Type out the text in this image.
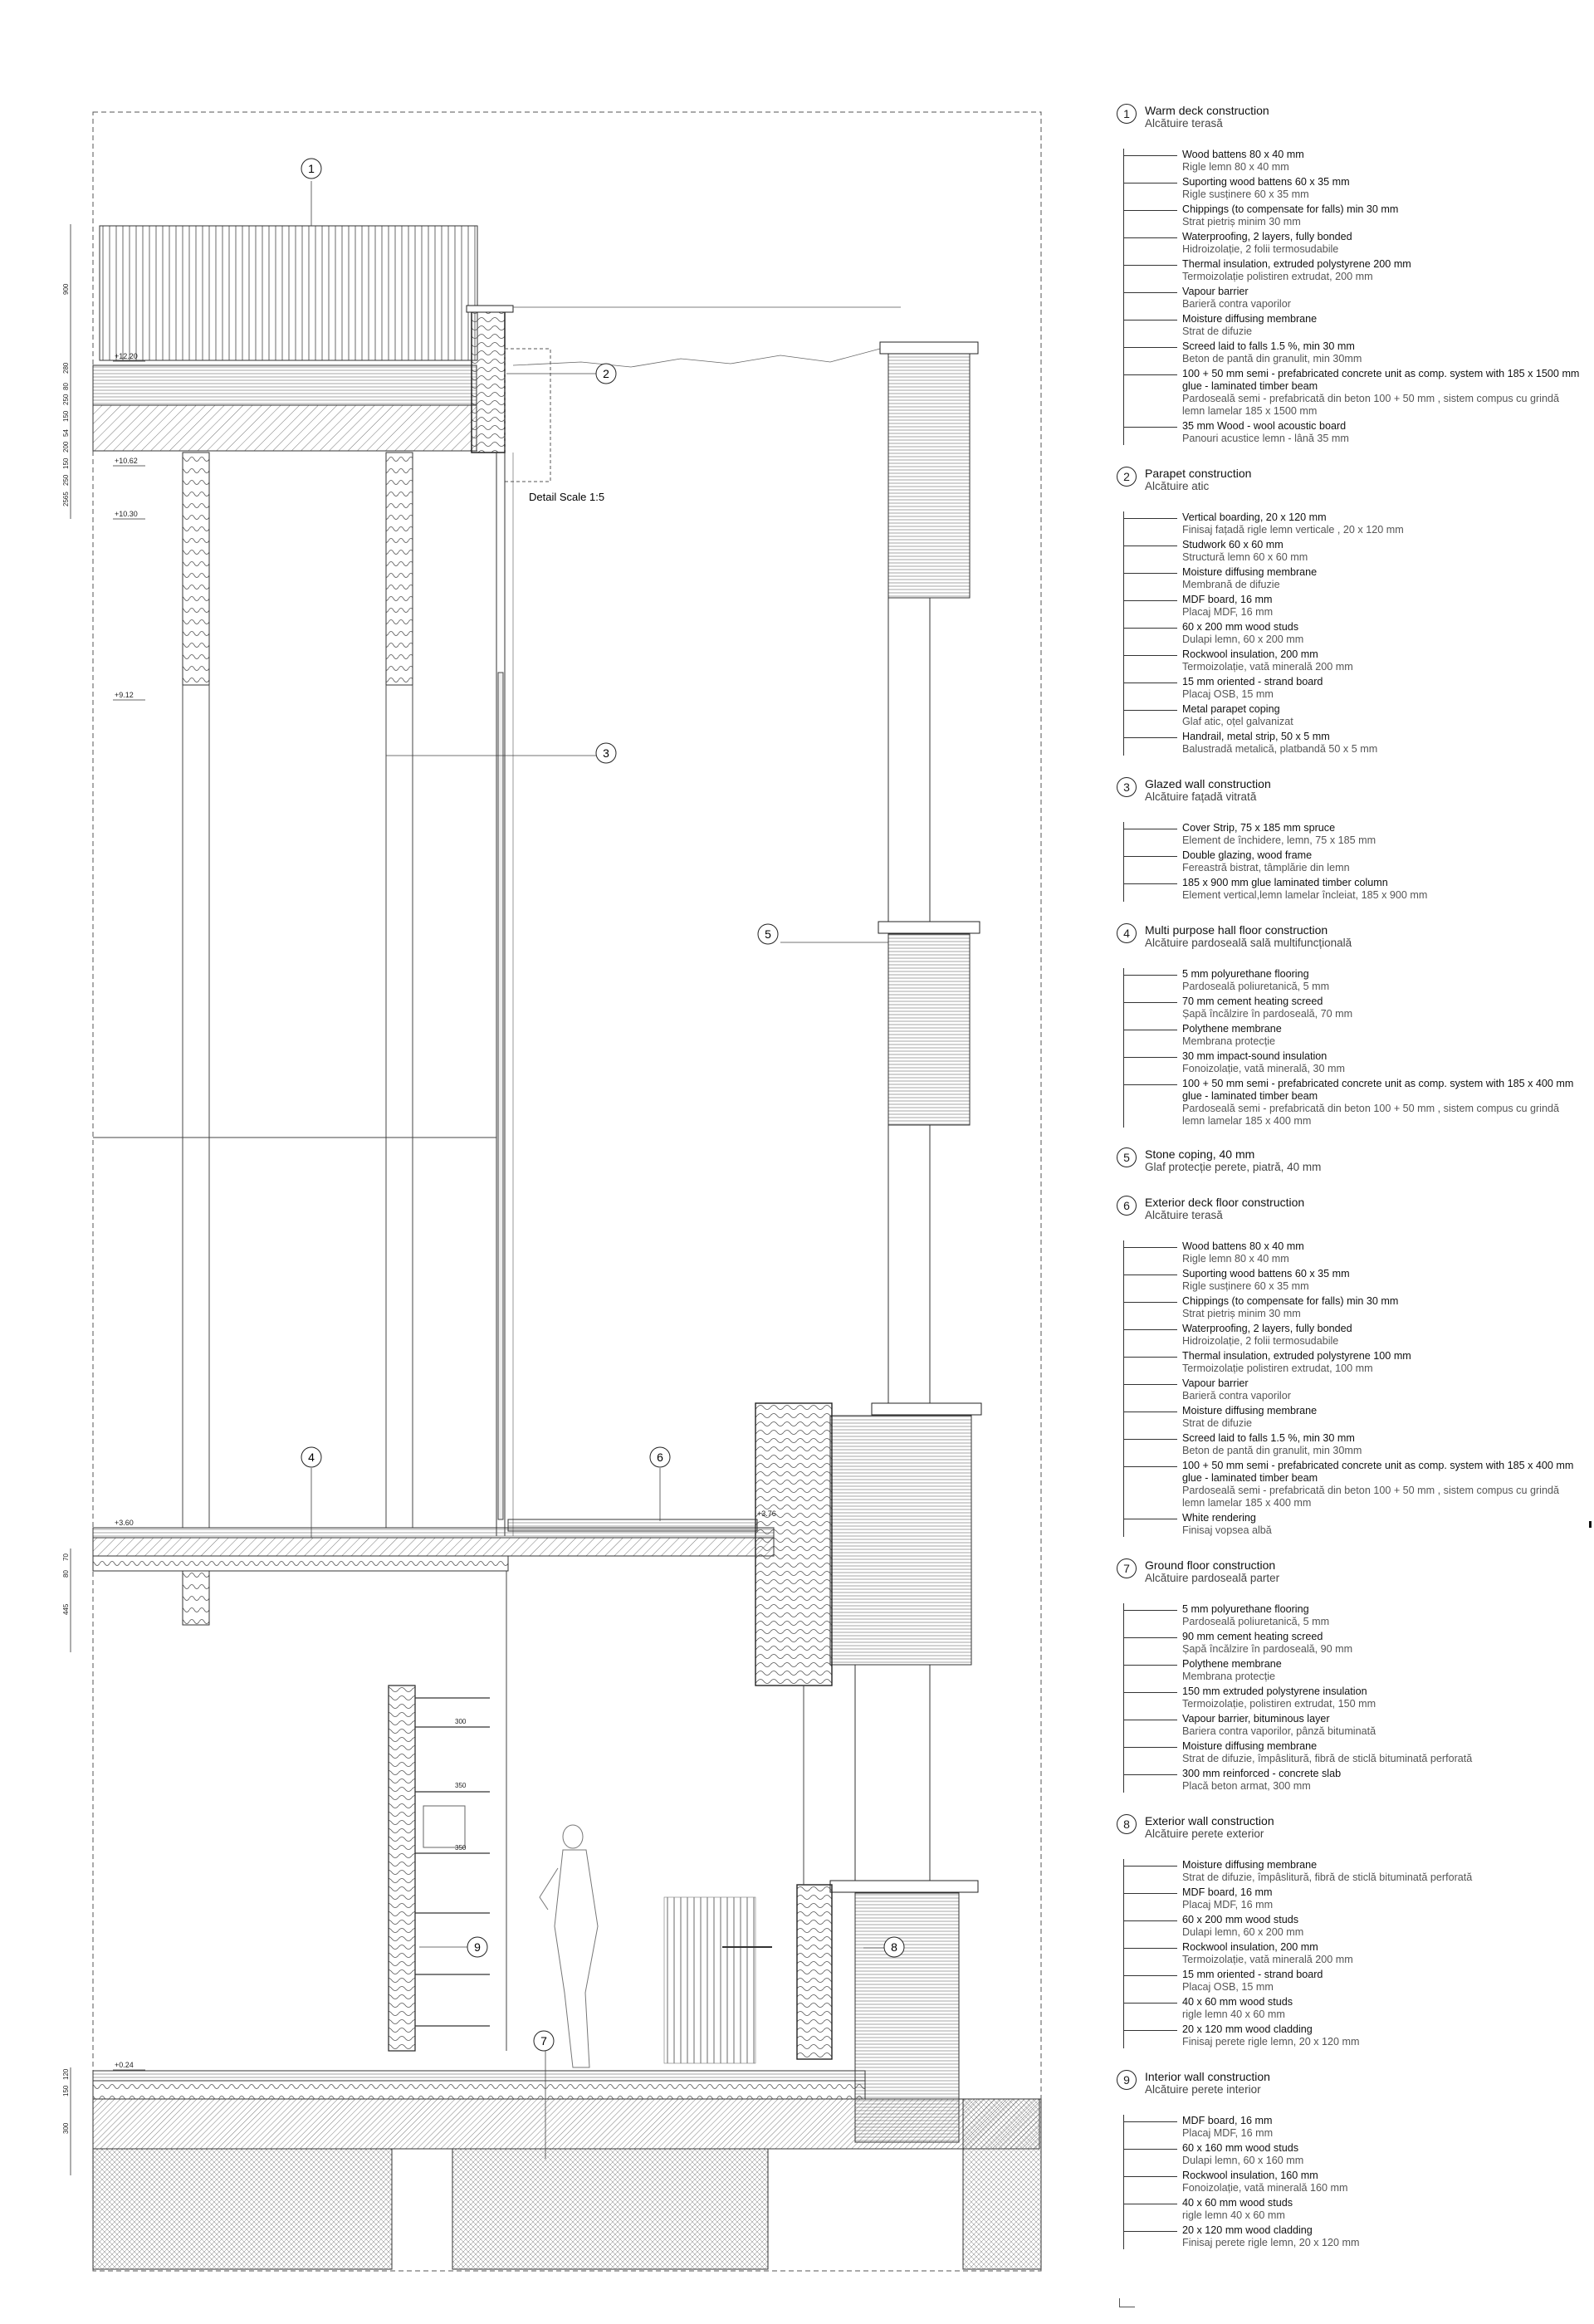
1
2
3
4
5
6
7
8
9
Detail Scale 1:5
+12.20
+10.62
+10.30
+9.12
+3.60
+3.76
+0.24
900
280
80
250
150
54
200
150
250
2565
70
80
445
120
150
300
300
350
350
1	Warm deck construction
Alcătuire terasă
Wood battens 80 x 40 mm
Rigle lemn 80 x 40 mm
Suporting wood battens 60 x 35 mm
Rigle susținere 60 x 35 mm
Chippings (to compensate for falls) min 30 mm
Strat pietriș minim 30 mm
Waterproofing, 2 layers, fully bonded
Hidroizolație, 2 folii termosudabile
Thermal insulation, extruded polystyrene 200 mm
Termoizolație polistiren extrudat, 200 mm
Vapour barrier
Barieră contra vaporilor
Moisture diffusing membrane
Strat de difuzie
Screed laid to falls 1.5 %, min 30 mm
Beton de pantă din granulit, min 30mm
100 + 50 mm semi - prefabricated concrete unit as comp. system with 185 x 1500 mm glue - laminated timber beam
Pardoseală semi - prefabricată din beton 100 + 50 mm , sistem compus cu grindă lemn lamelar 185 x 1500 mm
35 mm Wood - wool acoustic board
Panouri acustice lemn - lână 35 mm
2	Parapet construction
Alcătuire atic
Vertical boarding, 20 x 120 mm
Finisaj fațadă rigle lemn verticale , 20 x 120 mm
Studwork 60 x 60 mm
Structură lemn 60 x 60 mm
Moisture diffusing membrane
Membrană de difuzie
MDF board, 16 mm
Placaj MDF, 16 mm
60 x 200 mm wood studs
Dulapi lemn, 60 x 200 mm
Rockwool insulation, 200 mm
Termoizolație, vată minerală 200 mm
15 mm oriented - strand board
Placaj OSB, 15 mm
Metal parapet coping
Glaf atic, oțel galvanizat
Handrail, metal strip, 50 x 5 mm
Balustradă metalică, platbandă 50 x 5 mm
3	Glazed wall construction
Alcătuire fațadă vitrată
Cover Strip, 75 x 185 mm spruce
Element de închidere, lemn, 75 x 185 mm
Double glazing, wood frame
Fereastră bistrat, tâmplărie din lemn
185 x 900 mm glue laminated timber column
Element vertical,lemn lamelar încleiat, 185 x 900 mm
4	Multi purpose hall floor construction
Alcătuire pardoseală sală multifuncțională
5 mm polyurethane flooring
Pardoseală poliuretanică, 5 mm
70 mm cement heating screed
Șapă încălzire în pardoseală, 70 mm
Polythene membrane
Membrana protecție
30 mm impact-sound insulation
Fonoizolație, vată minerală, 30 mm
100 + 50 mm semi - prefabricated concrete unit as comp. system with 185 x 400 mm glue - laminated timber beam
Pardoseală semi - prefabricată din beton 100 + 50 mm , sistem compus cu grindă lemn lamelar 185 x 400 mm
5	Stone coping, 40 mm
Glaf protecție perete, piatră, 40 mm
6	Exterior deck floor construction
Alcătuire terasă
Wood battens 80 x 40 mm
Rigle lemn 80 x 40 mm
Suporting wood battens 60 x 35 mm
Rigle susținere 60 x 35 mm
Chippings (to compensate for falls) min 30 mm
Strat pietriș minim 30 mm
Waterproofing, 2 layers, fully bonded
Hidroizolație, 2 folii termosudabile
Thermal insulation, extruded polystyrene 100 mm
Termoizolație polistiren extrudat, 100 mm
Vapour barrier
Barieră contra vaporilor
Moisture diffusing membrane
Strat de difuzie
Screed laid to falls 1.5 %, min 30 mm
Beton de pantă din granulit, min 30mm
100 + 50 mm semi - prefabricated concrete unit as comp. system with 185 x 400 mm glue - laminated timber beam
Pardoseală semi - prefabricată din beton 100 + 50 mm , sistem compus cu grindă lemn lamelar 185 x 400 mm
White rendering
Finisaj vopsea albă
7	Ground floor construction
Alcătuire pardoseală parter
5 mm polyurethane flooring
Pardoseală poliuretanică, 5 mm
90 mm cement heating screed
Șapă încălzire în pardoseală, 90 mm
Polythene membrane
Membrana protecție
150 mm extruded polystyrene insulation
Termoizolație, polistiren extrudat, 150 mm
Vapour barrier, bituminous layer
Bariera contra vaporilor, pânză bituminată
Moisture diffusing membrane
Strat de difuzie, împâslitură, fibră de sticlă bituminată perforată
300 mm reinforced - concrete slab
Placă beton armat, 300 mm
8	Exterior wall construction
Alcătuire perete exterior
Moisture diffusing membrane
Strat de difuzie, împâslitură, fibră de sticlă bituminată perforată
MDF board, 16 mm
Placaj MDF, 16 mm
60 x 200 mm wood studs
Dulapi lemn, 60 x 200 mm
Rockwool insulation, 200 mm
Termoizolație, vată minerală 200 mm
15 mm oriented - strand board
Placaj OSB, 15 mm
40 x 60 mm wood studs
rigle lemn 40 x 60 mm
20 x 120 mm wood cladding
Finisaj perete rigle lemn, 20 x 120 mm
9	Interior wall construction
Alcătuire perete interior
MDF board, 16 mm
Placaj MDF, 16 mm
60 x 160 mm wood studs
Dulapi lemn, 60 x 160 mm
Rockwool insulation, 160 mm
Fonoizolație, vată minerală 160 mm
40 x 60 mm wood studs
rigle lemn 40 x 60 mm
20 x 120 mm wood cladding
Finisaj perete rigle lemn, 20 x 120 mm
